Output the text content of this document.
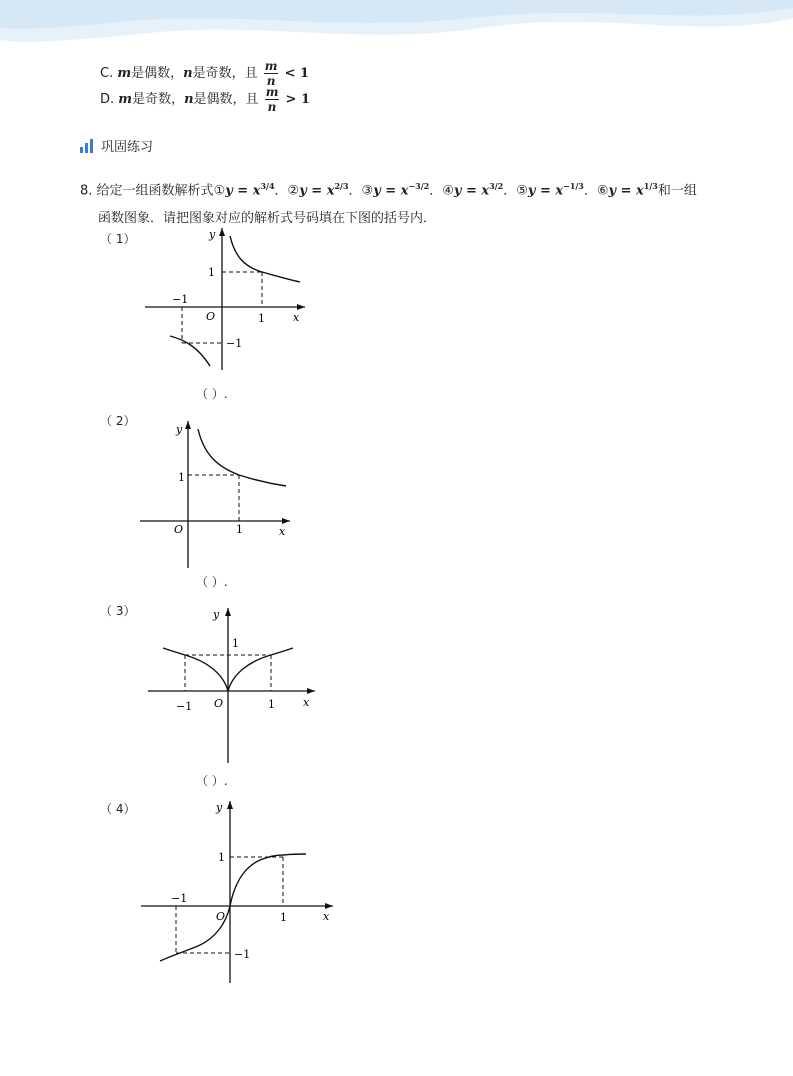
C. m是偶数，n是奇数，且 $\frac{m}{n} < 1$
D. m是奇数，n是偶数，且 $\frac{m}{n} > 1$
巩固练习
8. 给定一组函数解析式①y = $x^{3/4}$．②y = $x^{2/3}$．③y = $x^{-3/2}$．④y = $x^{3/2}$．⑤y = $x^{-1/3}$．⑥y = $x^{1/3}$和一组
函数图象．请把图象对应的解析式号码填在下图的括号内．
（ 1）
（ 2）
（ 3）
（ 4）
（ ）.
（ ）.
（ ）.
y
x
O
1
1
−1
−1
y
x
O
1
1
y
x
O
1
1
−1
y
x
O
1
1
−1
−1
